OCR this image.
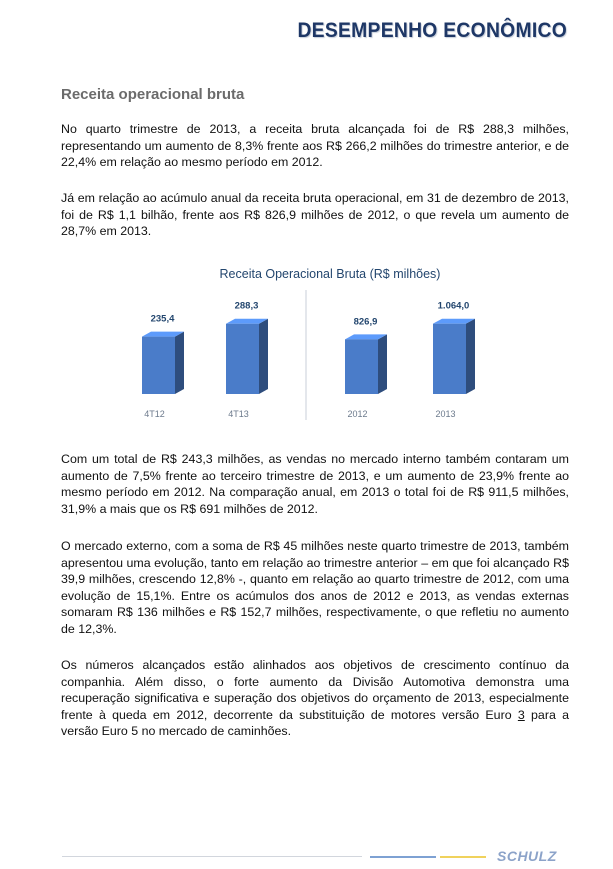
DESEMPENHO ECONÔMICO
Receita operacional bruta

No quarto trimestre de 2013, a receita bruta alcançada foi de R$ 288,3 milhões, representando um aumento de 8,3% frente aos R$ 266,2 milhões do trimestre anterior, e de 22,4% em relação ao mesmo período em 2012.

Já em relação ao acúmulo anual da receita bruta operacional, em 31 de dezembro de 2013, foi de R$ 1,1 bilhão, frente aos R$ 826,9 milhões de 2012, o que revela um aumento de 28,7% em 2013.

Receita Operacional Bruta (R$ milhões)
235,4
4T12
288,3
4T13
826,9
2012
1.064,0
2013

Com um total de R$ 243,3 milhões, as vendas no mercado interno também contaram um aumento de 7,5% frente ao terceiro trimestre de 2013, e um aumento de 23,9% frente ao mesmo período em 2012. Na comparação anual, em 2013 o total foi de R$ 911,5 milhões, 31,9% a mais que os R$ 691 milhões de 2012.

O mercado externo, com a soma de R$ 45 milhões neste quarto trimestre de 2013, também apresentou uma evolução, tanto em relação ao trimestre anterior – em que foi alcançado R$ 39,9 milhões, crescendo 12,8% -, quanto em relação ao quarto trimestre de 2012, com uma evolução de 15,1%. Entre os acúmulos dos anos de 2012 e 2013, as vendas externas somaram R$ 136 milhões e R$ 152,7 milhões, respectivamente, o que refletiu no aumento de 12,3%.

Os números alcançados estão alinhados aos objetivos de crescimento contínuo da companhia. Além disso, o forte aumento da Divisão Automotiva demonstra uma recuperação significativa e superação dos objetivos do orçamento de 2013, especialmente frente à queda em 2012, decorrente da substituição de motores versão Euro 3 para a versão Euro 5 no mercado de caminhões.

SCHULZ
